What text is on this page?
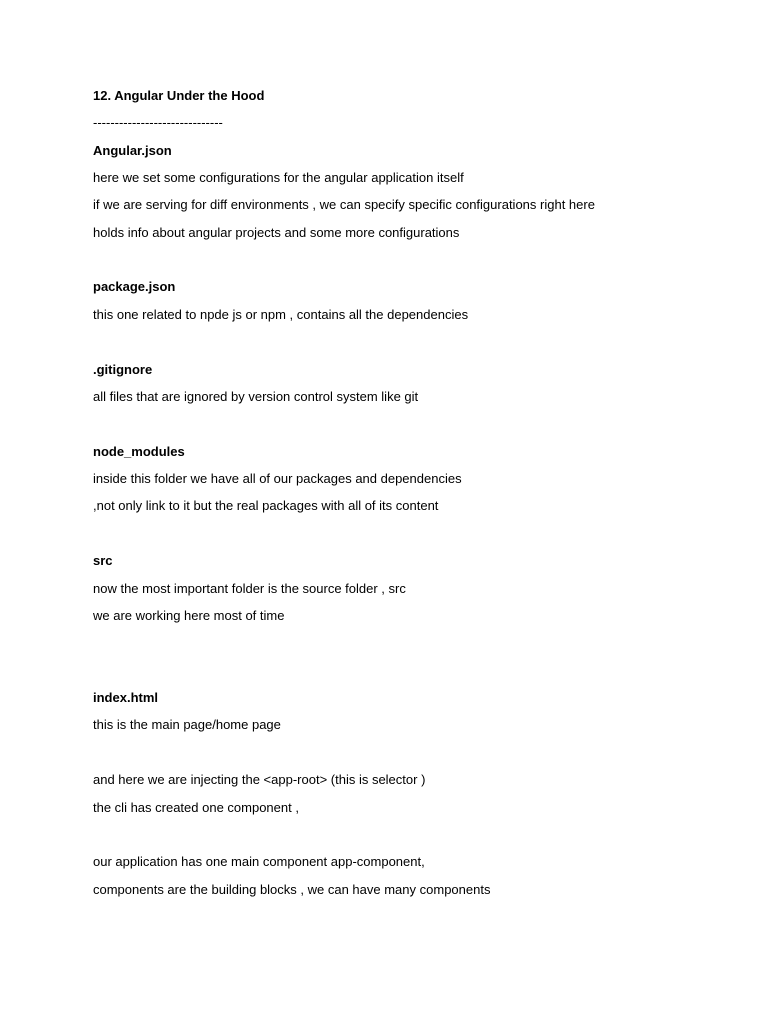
12. Angular Under the Hood
------------------------------
Angular.json
here we set some configurations for the angular application itself
if we are serving for diff environments , we can specify specific configurations right here
holds info about angular projects and some more configurations
package.json
this one related to npde js or npm , contains all the dependencies
.gitignore
all files that are ignored by version control system like git
node_modules
inside this folder we have all of our packages and dependencies
,not only link to it but the real packages with all of its content
src
now the most important folder is the source folder , src
we are working here most of time
index.html
this is the main page/home page
and here we are injecting the <app-root> (this is selector )
the cli has created one component ,
our application has one main component app-component,
components are the building blocks , we can have many components
